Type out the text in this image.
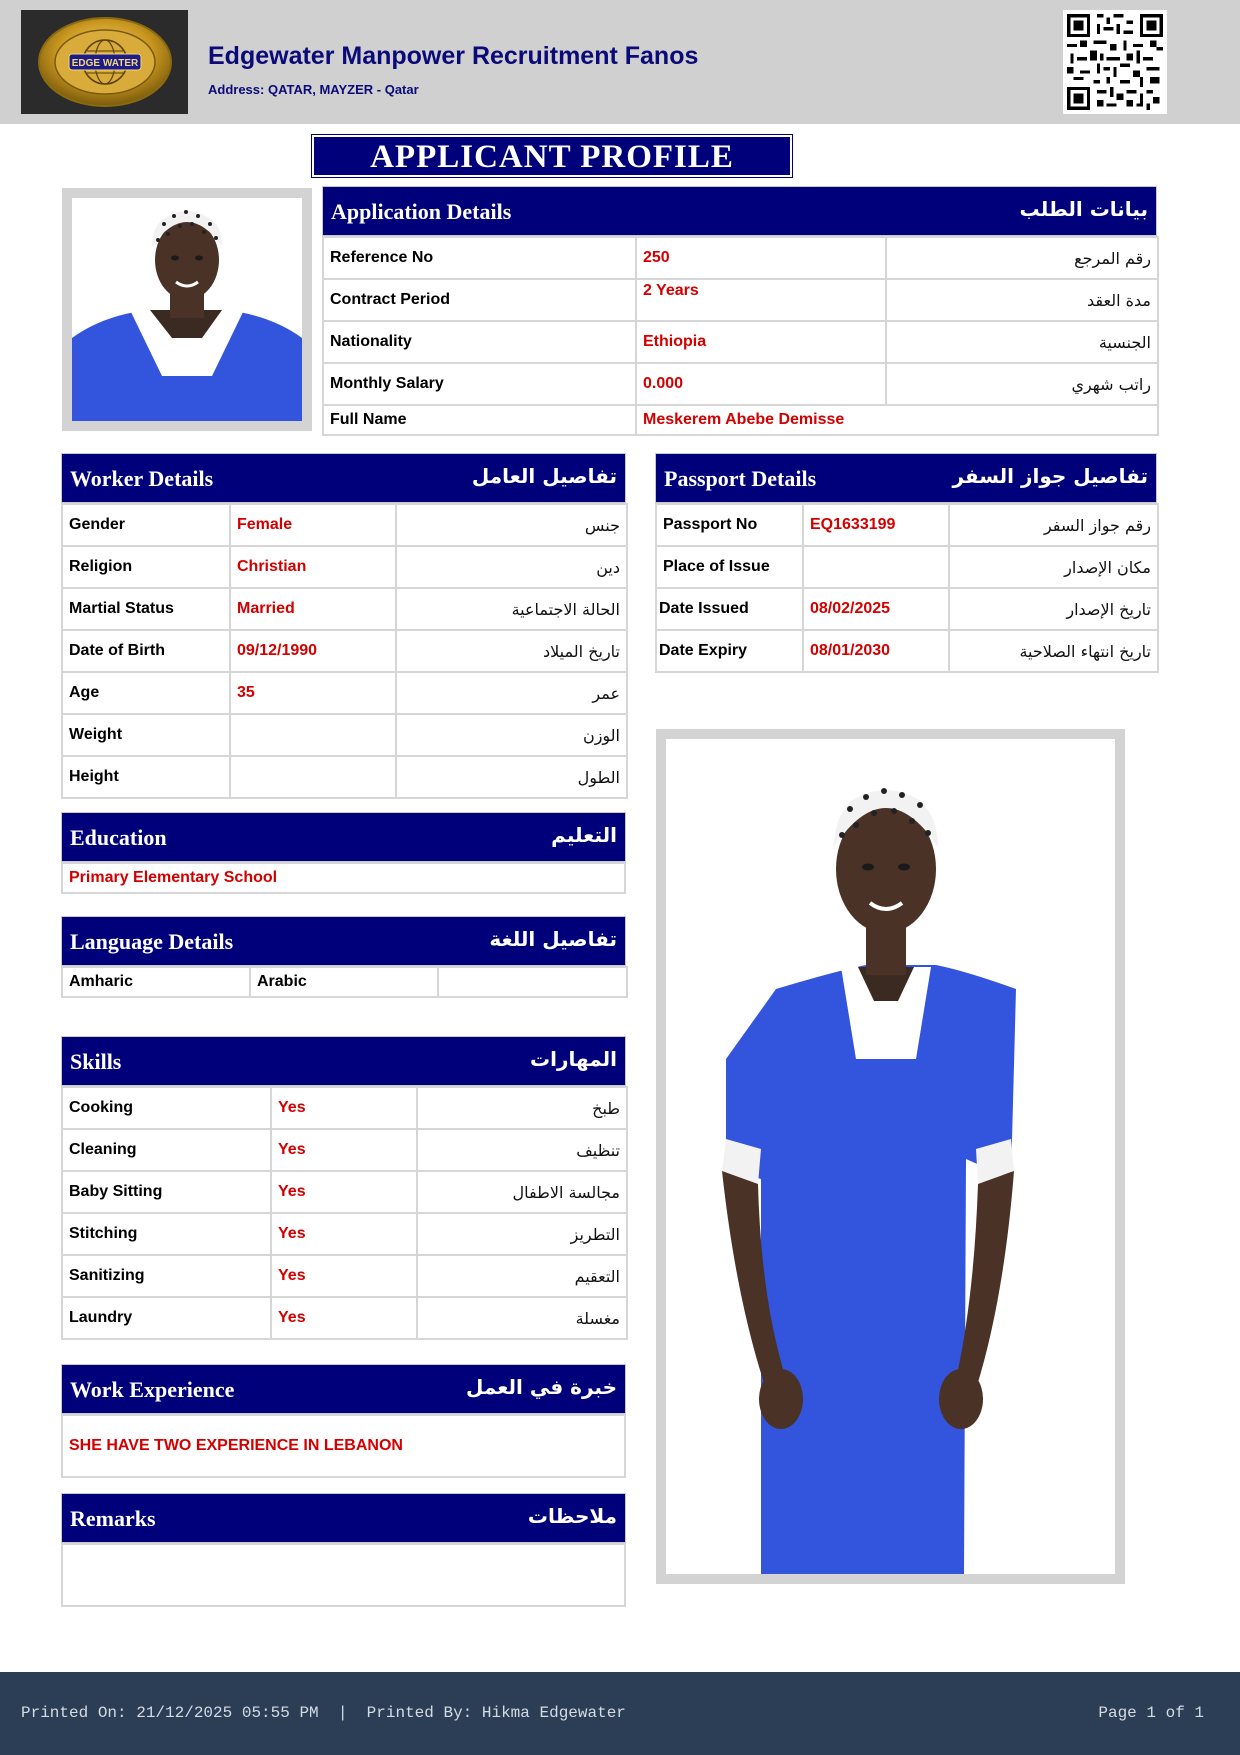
EDGE WATER	Edgewater Manpower Recruitment Fanos
Address: QATAR, MAYZER - Qatar
APPLICANT PROFILE
Application Details	بيانات الطلب
Reference No	250	رقم المرجع
Contract Period	2 Years	مدة العقد
Nationality	Ethiopia	الجنسية
Monthly Salary	0.000	راتب شهري
Full Name	Meskerem Abebe Demisse	
Worker Details	تفاصيل العامل
Gender	Female	جنس
Religion	Christian	دين
Martial Status	Married	الحالة الاجتماعية
Date of Birth	09/12/1990	تاريخ الميلاد
Age	35	عمر
Weight		الوزن
Height		الطول
Passport Details	تفاصيل جواز السفر
Passport No	EQ1633199	رقم جواز السفر
Place of Issue		مكان الإصدار
Date Issued	08/02/2025	تاريخ الإصدار
Date Expiry	08/01/2030	تاريخ انتهاء الصلاحية
Education	التعليم
Primary Elementary School
Language Details	تفاصيل اللغة
Amharic	Arabic	
Skills	المهارات
Cooking	Yes	طبخ
Cleaning	Yes	تنظيف
Baby Sitting	Yes	مجالسة الاطفال
Stitching	Yes	التطريز
Sanitizing	Yes	التعقيم
Laundry	Yes	مغسلة
Work Experience	خبرة في العمل
SHE HAVE TWO EXPERIENCE IN LEBANON
Remarks	ملاحظات
Printed On: 21/12/2025 05:55 PM  |  Printed By: Hikma Edgewater	Page 1 of 1
